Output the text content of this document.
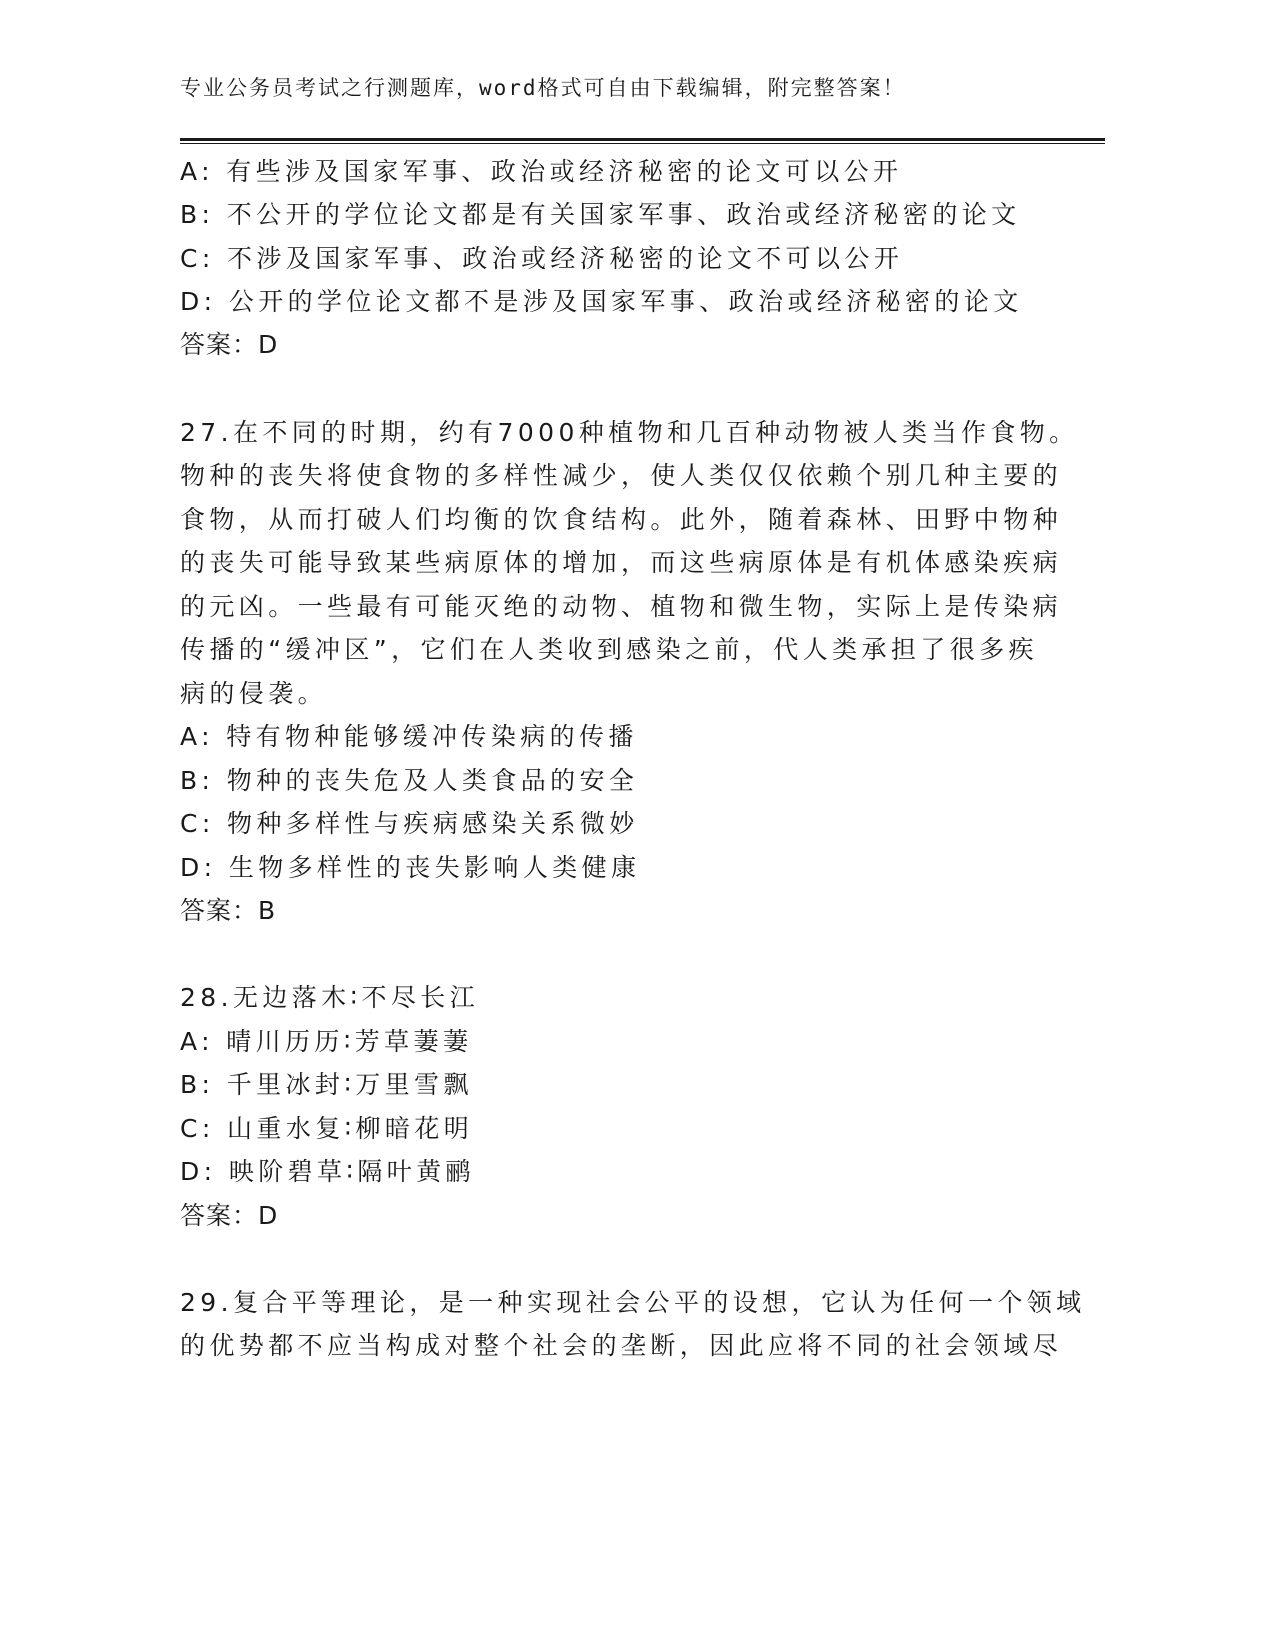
专业公务员考试之行测题库，word格式可自由下载编辑，附完整答案！
A: 有些涉及国家军事、政治或经济秘密的论文可以公开
B: 不公开的学位论文都是有关国家军事、政治或经济秘密的论文
C: 不涉及国家军事、政治或经济秘密的论文不可以公开
D: 公开的学位论文都不是涉及国家军事、政治或经济秘密的论文
答案：D
27.在不同的时期，约有7000种植物和几百种动物被人类当作食物。
物种的丧失将使食物的多样性减少，使人类仅仅依赖个别几种主要的
食物，从而打破人们均衡的饮食结构。此外，随着森林、田野中物种
的丧失可能导致某些病原体的增加，而这些病原体是有机体感染疾病
的元凶。一些最有可能灭绝的动物、植物和微生物，实际上是传染病
传播的“缓冲区”，它们在人类收到感染之前，代人类承担了很多疾
病的侵袭。
A: 特有物种能够缓冲传染病的传播
B: 物种的丧失危及人类食品的安全
C: 物种多样性与疾病感染关系微妙
D: 生物多样性的丧失影响人类健康
答案：B
28.无边落木∶不尽长江
A: 晴川历历∶芳草萋萋
B: 千里冰封∶万里雪飘
C: 山重水复∶柳暗花明
D: 映阶碧草∶隔叶黄鹂
答案：D
29.复合平等理论，是一种实现社会公平的设想，它认为任何一个领域
的优势都不应当构成对整个社会的垄断，因此应将不同的社会领域尽
